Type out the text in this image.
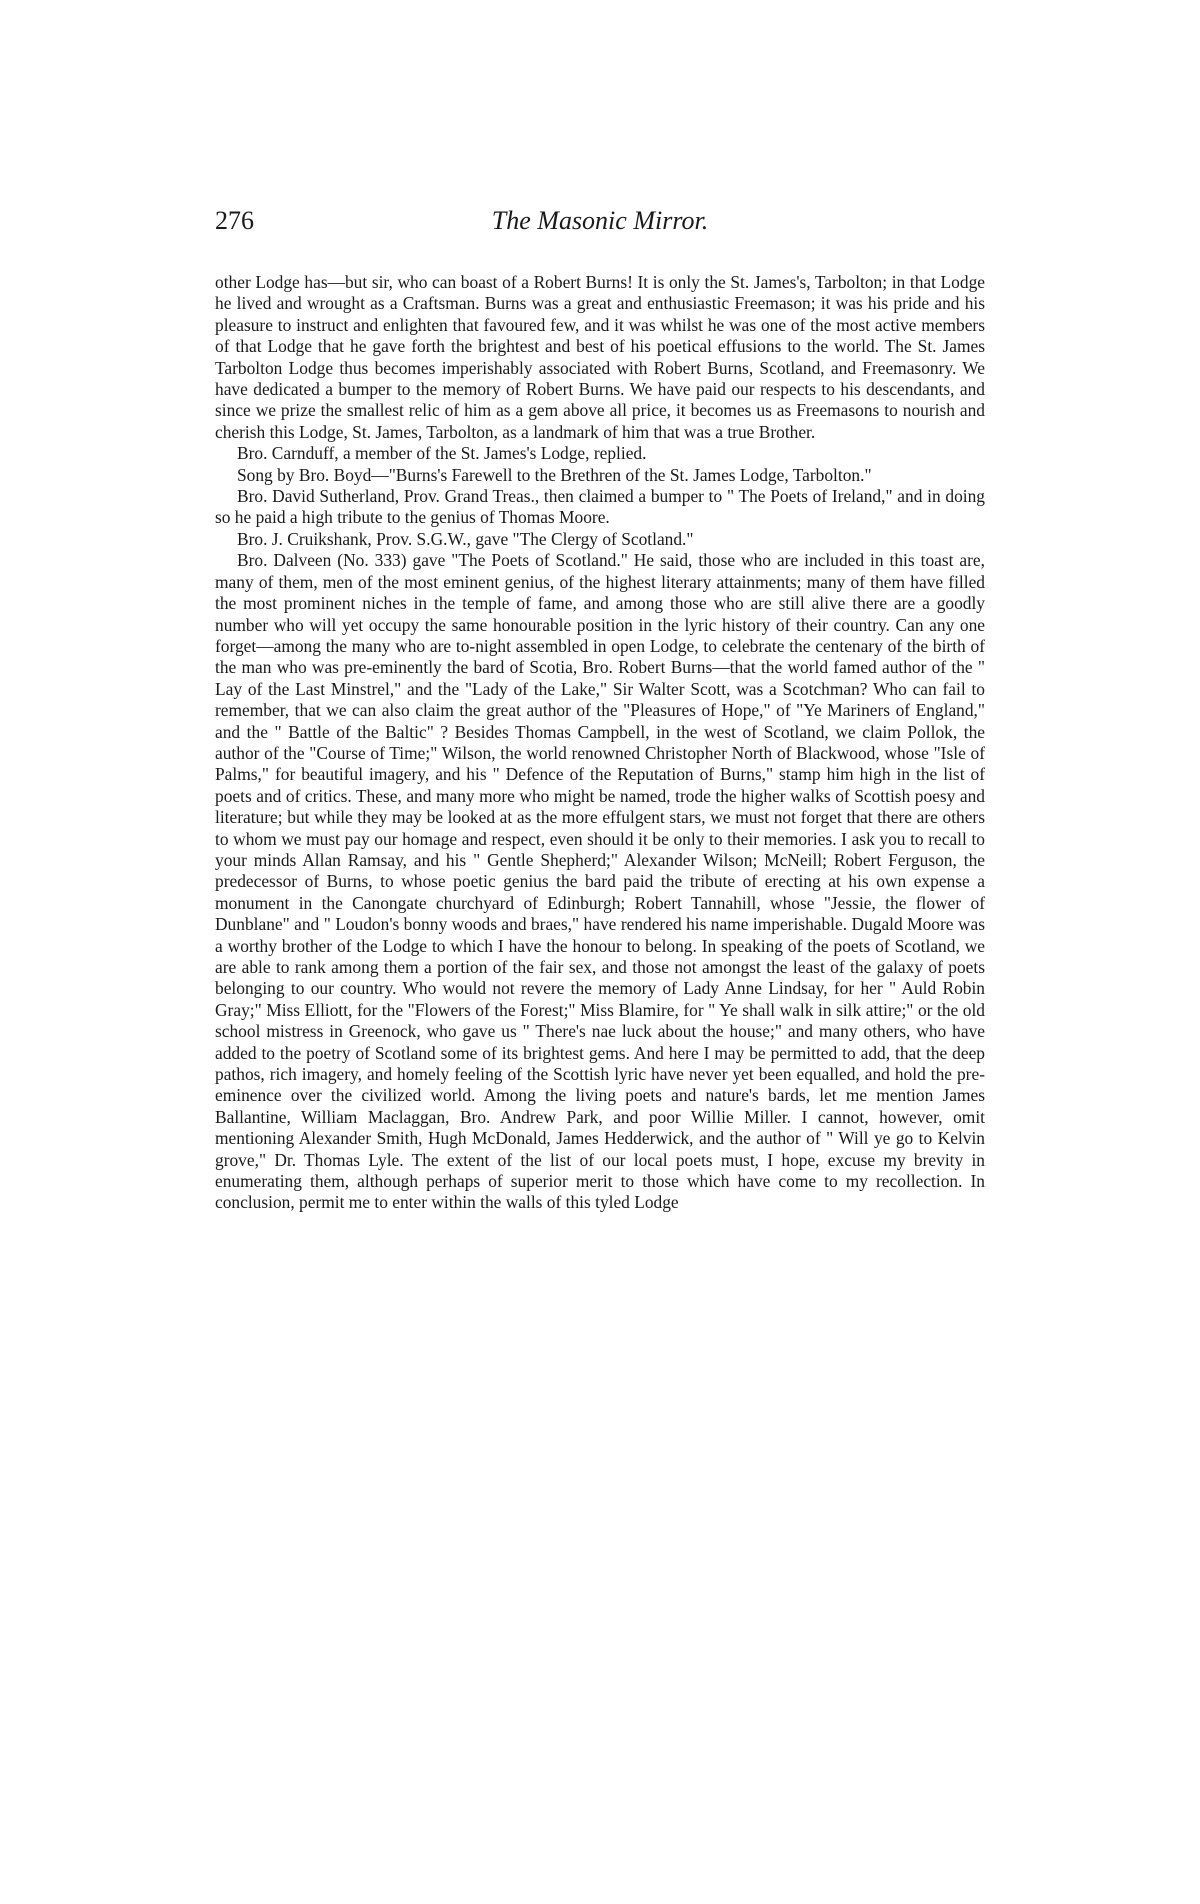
276	The Masonic Mirror.

other Lodge has—but sir, who can boast of a Robert Burns! It is only the St. James's, Tarbolton; in that Lodge he lived and wrought as a Craftsman. Burns was a great and enthusiastic Freemason; it was his pride and his pleasure to instruct and enlighten that favoured few, and it was whilst he was one of the most active members of that Lodge that he gave forth the brightest and best of his poetical effusions to the world. The St. James Tarbolton Lodge thus becomes imperishably associated with Robert Burns, Scotland, and Freemasonry. We have dedicated a bumper to the memory of Robert Burns. We have paid our respects to his descendants, and since we prize the smallest relic of him as a gem above all price, it becomes us as Freemasons to nourish and cherish this Lodge, St. James, Tarbolton, as a landmark of him that was a true Brother.

Bro. Carnduff, a member of the St. James's Lodge, replied.

Song by Bro. Boyd—"Burns's Farewell to the Brethren of the St. James Lodge, Tarbolton."

Bro. David Sutherland, Prov. Grand Treas., then claimed a bumper to " The Poets of Ireland," and in doing so he paid a high tribute to the genius of Thomas Moore.

Bro. J. Cruikshank, Prov. S.G.W., gave "The Clergy of Scotland."

Bro. Dalveen (No. 333) gave "The Poets of Scotland." He said, those who are included in this toast are, many of them, men of the most eminent genius, of the highest literary attainments; many of them have filled the most prominent niches in the temple of fame, and among those who are still alive there are a goodly number who will yet occupy the same honourable position in the lyric history of their country. Can any one forget—among the many who are to-night assembled in open Lodge, to celebrate the centenary of the birth of the man who was pre-eminently the bard of Scotia, Bro. Robert Burns—that the world famed author of the " Lay of the Last Minstrel," and the "Lady of the Lake," Sir Walter Scott, was a Scotchman? Who can fail to remember, that we can also claim the great author of the "Pleasures of Hope," of "Ye Mariners of England," and the " Battle of the Baltic" ? Besides Thomas Campbell, in the west of Scotland, we claim Pollok, the author of the "Course of Time;" Wilson, the world renowned Christopher North of Blackwood, whose "Isle of Palms," for beautiful imagery, and his " Defence of the Reputation of Burns," stamp him high in the list of poets and of critics. These, and many more who might be named, trode the higher walks of Scottish poesy and literature; but while they may be looked at as the more effulgent stars, we must not forget that there are others to whom we must pay our homage and respect, even should it be only to their memories. I ask you to recall to your minds Allan Ramsay, and his " Gentle Shepherd;" Alexander Wilson; McNeill; Robert Ferguson, the predecessor of Burns, to whose poetic genius the bard paid the tribute of erecting at his own expense a monument in the Canongate churchyard of Edinburgh; Robert Tannahill, whose "Jessie, the flower of Dunblane" and " Loudon's bonny woods and braes," have rendered his name imperishable. Dugald Moore was a worthy brother of the Lodge to which I have the honour to belong. In speaking of the poets of Scotland, we are able to rank among them a portion of the fair sex, and those not amongst the least of the galaxy of poets belonging to our country. Who would not revere the memory of Lady Anne Lindsay, for her " Auld Robin Gray;" Miss Elliott, for the "Flowers of the Forest;" Miss Blamire, for " Ye shall walk in silk attire;" or the old school mistress in Greenock, who gave us " There's nae luck about the house;" and many others, who have added to the poetry of Scotland some of its brightest gems. And here I may be permitted to add, that the deep pathos, rich imagery, and homely feeling of the Scottish lyric have never yet been equalled, and hold the pre-eminence over the civilized world. Among the living poets and nature's bards, let me mention James Ballantine, William Maclaggan, Bro. Andrew Park, and poor Willie Miller. I cannot, however, omit mentioning Alexander Smith, Hugh McDonald, James Hedderwick, and the author of " Will ye go to Kelvin grove," Dr. Thomas Lyle. The extent of the list of our local poets must, I hope, excuse my brevity in enumerating them, although perhaps of superior merit to those which have come to my recollection. In conclusion, permit me to enter within the walls of this tyled Lodge
